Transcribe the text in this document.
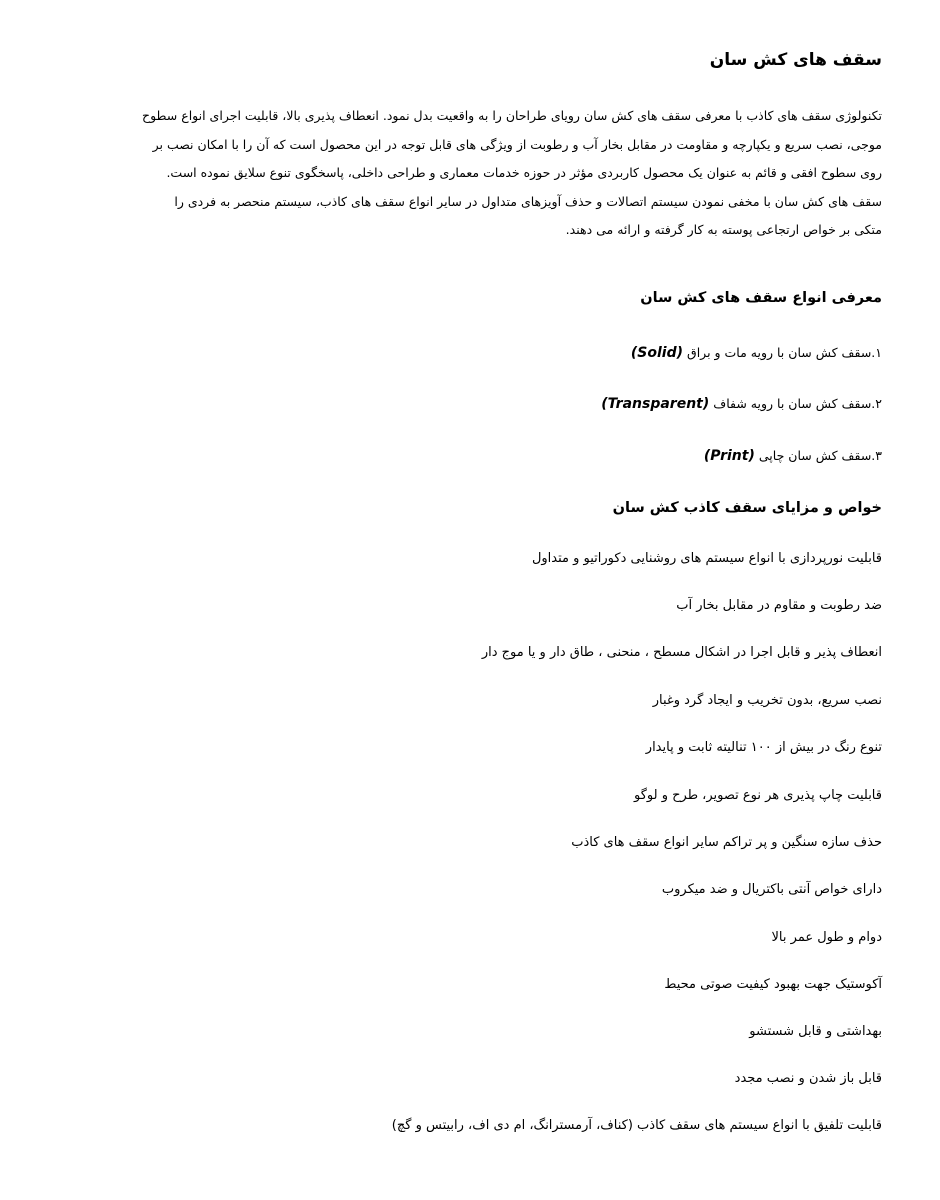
سقف های کش سان

تکنولوژی سقف های کاذب با معرفی سقف های کش سان رویای طراحان را به واقعیت بدل نمود. انعطاف پذیری بالا، قابلیت اجرای انواع سطوح
موجی، نصب سریع و یکپارچه و مقاومت در مقابل بخار آب و رطوبت از ویژگی های قابل توجه در این محصول است که آن را با امکان نصب بر
روی سطوح افقی و قائم به عنوان یک محصول کاربردی مؤثر در حوزه خدمات معماری و طراحی داخلی، پاسخگوی تنوع سلایق نموده است.
سقف های کش سان با مخفی نمودن سیستم اتصالات و حذف آویزهای متداول در سایر انواع سقف های کاذب، سیستم منحصر به فردی را
متکی بر خواص ارتجاعی پوسته به کار گرفته و ارائه می دهند.

معرفی انواع سقف های کش سان

۱.سقف کش سان با رویه مات و براق (Solid)

۲.سقف کش سان با رویه شفاف (Transparent)

۳.سقف کش سان چاپی (Print)

خواص و مزایای سقف کاذب کش سان

قابلیت نورپردازی با انواع سیستم های روشنایی دکوراتیو و متداول

ضد رطوبت و مقاوم در مقابل بخار آب

انعطاف پذیر و قابل اجرا در اشکال مسطح ، منحنی ، طاق دار و یا موج دار

نصب سریع، بدون تخریب و ایجاد گرد وغبار

تنوع رنگ در بیش از ۱۰۰ تنالیته ثابت و پایدار

قابلیت چاپ پذیری هر نوع تصویر، طرح و لوگو

حذف سازه سنگین و پر تراکم سایر انواع سقف های کاذب

دارای خواص آنتی باکتریال و ضد میکروب

دوام و طول عمر بالا

آکوستیک جهت بهبود کیفیت صوتی محیط

بهداشتی و قابل شستشو

قابل باز شدن و نصب مجدد

قابلیت تلفیق با انواع سیستم های سقف کاذب (کناف، آرمسترانگ، ام دی اف، رابیتس و گچ)
